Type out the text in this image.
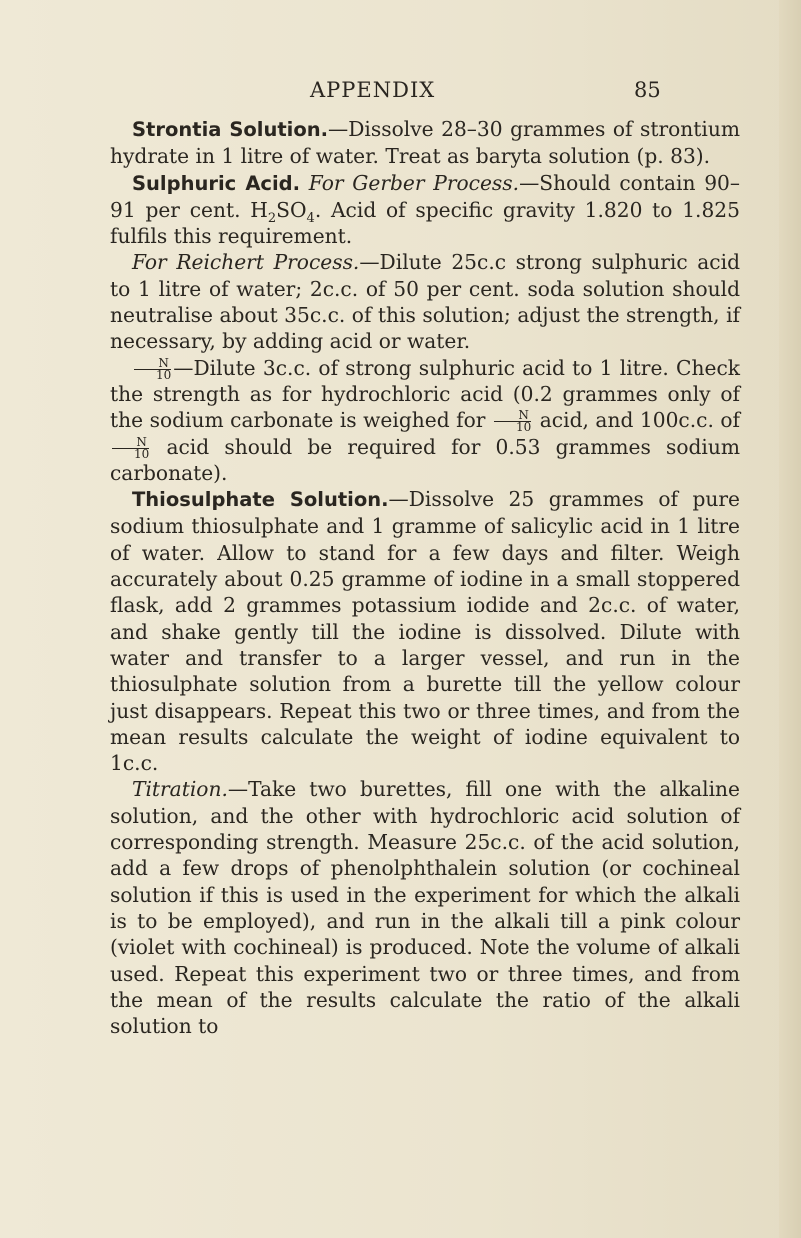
APPENDIX	85

Strontia Solution.—Dissolve 28–30 grammes of strontium hydrate in 1 litre of water. Treat as baryta solution (p. 83).

Sulphuric Acid. For Gerber Process.—Should contain 90–91 per cent. $H_2SO_4$. Acid of specific gravity 1.820 to 1.825 fulfils this requirement.

For Reichert Process.—Dilute 25c.c strong sulphuric acid to 1 litre of water; 2c.c. of 50 per cent. soda solution should neutralise about 35c.c. of this solution; adjust the strength, if necessary, by adding acid or water.

$\frac{N}{10}$ —Dilute 3c.c. of strong sulphuric acid to 1 litre. Check the strength as for hydrochloric acid (0.2 grammes only of the sodium carbonate is weighed for $\frac{N}{10}$ acid, and 100c.c. of
$\frac{N}{10}$ acid should be required for 0.53 grammes sodium carbonate).

Thiosulphate Solution.—Dissolve 25 grammes of pure sodium thiosulphate and 1 gramme of salicylic acid in 1 litre of water. Allow to stand for a few days and filter. Weigh accurately about 0.25 gramme of iodine in a small stoppered flask, add 2 grammes potassium iodide and 2c.c. of water, and shake gently till the iodine is dissolved. Dilute with water and transfer to a larger vessel, and run in the thiosulphate solution from a burette till the yellow colour just disappears. Repeat this two or three times, and from the mean results calculate the weight of iodine equivalent to 1c.c.

Titration.—Take two burettes, fill one with the alkaline solution, and the other with hydrochloric acid solution of corresponding strength. Measure 25c.c. of the acid solution, add a few drops of phenolphthalein solution (or cochineal solution if this is used in the experiment for which the alkali is to be employed), and run in the alkali till a pink colour (violet with cochineal) is produced. Note the volume of alkali used. Repeat this experiment two or three times, and from the mean of the results calculate the ratio of the alkali solution to
